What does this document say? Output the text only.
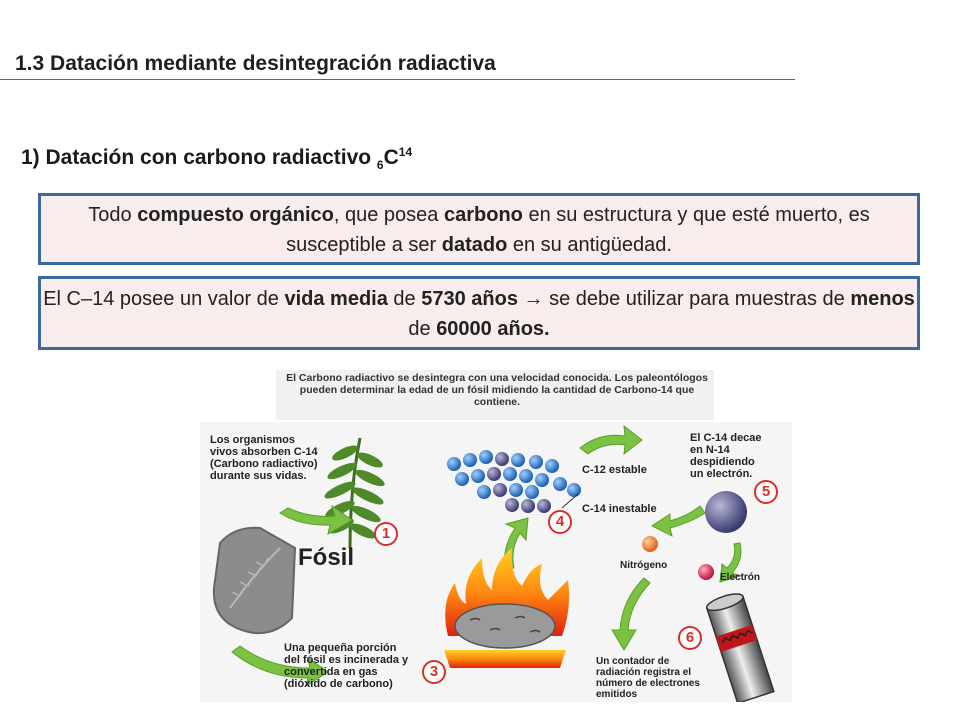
1.3 Datación mediante desintegración radiactiva
1) Datación con carbono radiactivo $_6C^{14}$
Todo compuesto orgánico, que posea carbono en su estructura y que esté muerto, es susceptible a ser datado en su antigüedad.
El C–14 posee un valor de vida media de 5730 años → se debe utilizar para muestras de menos de 60000 años.
El Carbono radiactivo se desintegra con una velocidad conocida. Los paleontólogos pueden determinar la edad de un fósil midiendo la cantidad de Carbono-14 que contiene.
Los organismos vivos absorben C-14 (Carbono radiactivo) durante sus vidas.
Fósil
Una pequeña porción del fósil es incinerada y convertida en gas (dióxido de carbono)
C-12 estable
C-14 inestable
El C-14 decae en N-14 despidiendo un electrón.
Nitrógeno
Electrón
Un contador de radiación registra el número de electrones emitidos
1
3
4
5
6
